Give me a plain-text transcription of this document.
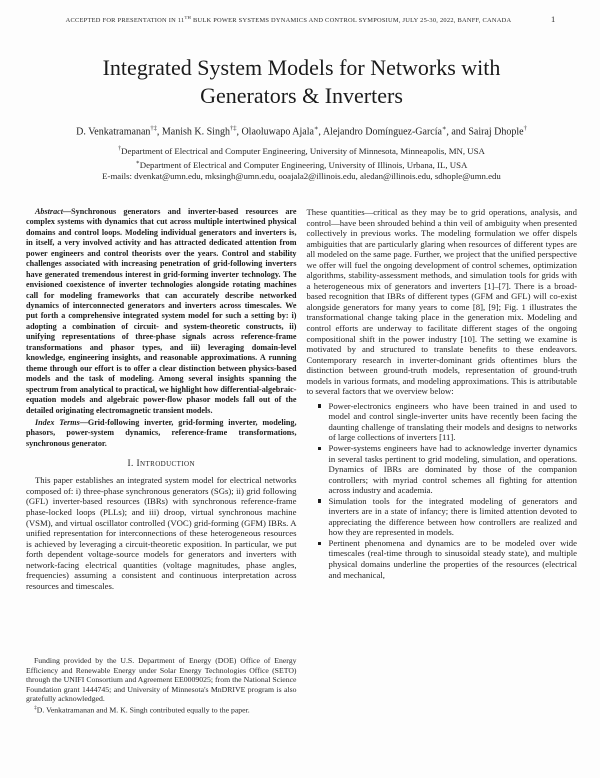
ACCEPTED FOR PRESENTATION IN 11TH BULK POWER SYSTEMS DYNAMICS AND CONTROL SYMPOSIUM, JULY 25-30, 2022, BANFF, CANADA	1
Integrated System Models for Networks with
Generators & Inverters
D. Venkatramanan†‡, Manish K. Singh†‡, Olaoluwapo Ajala∗, Alejandro Domínguez-García∗, and Sairaj Dhople†
†Department of Electrical and Computer Engineering, University of Minnesota, Minneapolis, MN, USA
∗Department of Electrical and Computer Engineering, University of Illinois, Urbana, IL, USA
E-mails: dvenkat@umn.edu, mksingh@umn.edu, ooajala2@illinois.edu, aledan@illinois.edu, sdhople@umn.edu

Abstract—Synchronous generators and inverter-based resources are complex systems with dynamics that cut across multiple intertwined physical domains and control loops. Modeling individual generators and inverters is, in itself, a very involved activity and has attracted dedicated attention from power engineers and control theorists over the years. Control and stability challenges associated with increasing penetration of grid-following inverters have generated tremendous interest in grid-forming inverter technology. The envisioned coexistence of inverter technologies alongside rotating machines call for modeling frameworks that can accurately describe networked dynamics of interconnected generators and inverters across timescales. We put forth a comprehensive integrated system model for such a setting by: i) adopting a combination of circuit- and system-theoretic constructs, ii) unifying representations of three-phase signals across reference-frame transformations and phasor types, and iii) leveraging domain-level knowledge, engineering insights, and reasonable approximations. A running theme through our effort is to offer a clear distinction between physics-based models and the task of modeling. Among several insights spanning the spectrum from analytical to practical, we highlight how differential-algebraic-equation models and algebraic power-flow phasor models fall out of the detailed originating electromagnetic transient models.

Index Terms—Grid-following inverter, grid-forming inverter, modeling, phasors, power-system dynamics, reference-frame transformations, synchronous generator.

I. Introduction

This paper establishes an integrated system model for electrical networks composed of: i) three-phase synchronous generators (SGs); ii) grid following (GFL) inverter-based resources (IBRs) with synchronous reference-frame phase-locked loops (PLLs); and iii) droop, virtual synchronous machine (VSM), and virtual oscillator controlled (VOC) grid-forming (GFM) IBRs. A unified representation for interconnections of these heterogeneous resources is achieved by leveraging a circuit-theoretic exposition. In particular, we put forth dependent voltage-source models for generators and inverters with network-facing electrical quantities (voltage magnitudes, phase angles, frequencies) assuming a consistent and continuous interpretation across resources and timescales.

Funding provided by the U.S. Department of Energy (DOE) Office of Energy Efficiency and Renewable Energy under Solar Energy Technologies Office (SETO) through the UNIFI Consortium and Agreement EE0009025; from the National Science Foundation grant 1444745; and University of Minnesota's MnDRIVE program is also gratefully acknowledged.

‡D. Venkatramanan and M. K. Singh contributed equally to the paper.

These quantities—critical as they may be to grid operations, analysis, and control—have been shrouded behind a thin veil of ambiguity when presented collectively in previous works. The modeling formulation we offer dispels ambiguities that are particularly glaring when resources of different types are all modeled on the same page. Further, we project that the unified perspective we offer will fuel the ongoing development of control schemes, optimization algorithms, stability-assessment methods, and simulation tools for grids with a heterogeneous mix of generators and inverters [1]–[7]. There is a broad-based recognition that IBRs of different types (GFM and GFL) will co-exist alongside generators for many years to come [8], [9]; Fig. 1 illustrates the transformational change taking place in the generation mix. Modeling and control efforts are underway to facilitate different stages of the ongoing compositional shift in the power industry [10]. The setting we examine is motivated by and structured to translate benefits to these endeavors. Contemporary research in inverter-dominant grids oftentimes blurs the distinction between ground-truth models, representation of ground-truth models in various formats, and modeling approximations. This is attributable to several factors that we overview below:

Power-electronics engineers who have been trained in and used to model and control single-inverter units have recently been facing the daunting challenge of translating their models and designs to networks of large collections of inverters [11].
Power-systems engineers have had to acknowledge inverter dynamics in several tasks pertinent to grid modeling, simulation, and operations. Dynamics of IBRs are dominated by those of the companion controllers; with myriad control schemes all fighting for attention across industry and academia.
Simulation tools for the integrated modeling of generators and inverters are in a state of infancy; there is limited attention devoted to appreciating the difference between how controllers are realized and how they are represented in models.
Pertinent phenomena and dynamics are to be modeled over wide timescales (real-time through to sinusoidal steady state), and multiple physical domains underline the properties of the resources (electrical and mechanical,
